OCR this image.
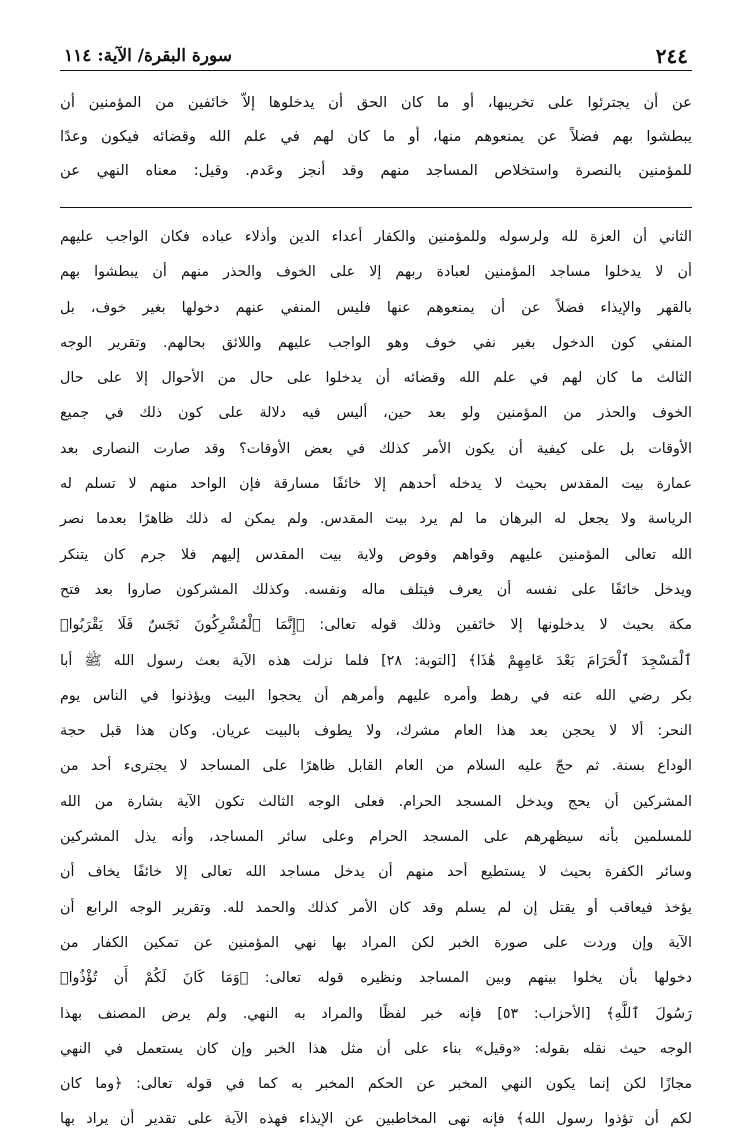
٢٤٤
سورة البقرة/ الآية: ١١٤
عن أن يجترئوا على تخريبها، أو ما كان الحق أن يدخلوها إلاّ خائفين من المؤمنين أن
يبطشوا بهم فضلاً عن يمنعوهم منها، أو ما كان لهم في علم الله وقضائه فيكون وعدًا
للمؤمنين بالنصرة واستخلاص المساجد منهم وقد أنجز وعَدم. وقيل: معناه النهي عن
الثاني أن العزة لله ولرسوله وللمؤمنين والكفار أعداء الدين وأذلاء عباده فكان الواجب عليهم
أن لا يدخلوا مساجد المؤمنين لعبادة ربهم إلا على الخوف والحذر منهم أن يبطشوا بهم
بالقهر والإيذاء فضلاً عن أن يمنعوهم عنها فليس المنفي عنهم دخولها بغير خوف، بل
المنفي كون الدخول بغير نفي خوف وهو الواجب عليهم واللائق بحالهم. وتقرير الوجه
الثالث ما كان لهم في علم الله وقضائه أن يدخلوا على حال من الأحوال إلا على حال
الخوف والحذر من المؤمنين ولو بعد حين، أليس فيه دلالة على كون ذلك في جميع
الأوقات بل على كيفية أن يكون الأمر كذلك في بعض الأوقات؟ وقد صارت النصارى بعد
عمارة بيت المقدس بحيث لا يدخله أحدهم إلا خائفًا مسارقة فإن الواحد منهم لا تسلم له
الرياسة ولا يجعل له البرهان ما لم يرد بيت المقدس. ولم يمكن له ذلك ظاهرًا بعدما نصر
الله تعالى المؤمنين عليهم وقواهم وفوض ولاية بيت المقدس إليهم فلا جرم كان يتنكر
ويدخل خائفًا على نفسه أن يعرف فيتلف ماله ونفسه. وكذلك المشركون صاروا بعد فتح
مكة بحيث لا يدخلونها إلا خائفين وذلك قوله تعالى: ﴿إِنَّمَا ٱلْمُشْرِكُونَ نَجَسٌ فَلَا يَقْرَبُوا۟
ٱلْمَسْجِدَ ٱلْحَرَامَ بَعْدَ عَامِهِمْ هَٰذَا﴾ [التوبة: ٢٨] فلما نزلت هذه الآية بعث رسول الله ﷺ أبا
بكر رضي الله عنه في رهط وأمره عليهم وأمرهم أن يحجوا البيت ويؤذنوا في الناس يوم
النحر: ألا لا يحجن بعد هذا العام مشرك، ولا يطوف بالبيت عريان. وكان هذا قبل حجة
الوداع بسنة. ثم حجّ عليه السلام من العام القابل ظاهرًا على المساجد لا يجترىء أحد من
المشركين أن يحج ويدخل المسجد الحرام. فعلى الوجه الثالث تكون الآية بشارة من الله
للمسلمين بأنه سيظهرهم على المسجد الحرام وعلى سائر المساجد، وأنه يذل المشركين
وسائر الكفرة بحيث لا يستطيع أحد منهم أن يدخل مساجد الله تعالى إلا خائفًا يخاف أن
يؤخذ فيعاقب أو يقتل إن لم يسلم وقد كان الأمر كذلك والحمد لله. وتقرير الوجه الرابع أن
الآية وإن وردت على صورة الخبر لكن المراد بها نهي المؤمنين عن تمكين الكفار من
دخولها بأن يخلوا بينهم وبين المساجد ونظيره قوله تعالى: ﴿وَمَا كَانَ لَكُمْ أَن تُؤْذُوا۟
رَسُولَ ٱللَّهِ﴾ [الأحزاب: ٥٣] فإنه خبر لفظًا والمراد به النهي. ولم يرض المصنف بهذا
الوجه حيث نقله بقوله: «وقيل» بناء على أن مثل هذا الخبر وإن كان يستعمل في النهي
مجازًا لكن إنما يكون النهي المخبر عن الحكم المخبر به كما في قوله تعالى: ﴿وما كان
لكم أن تؤذوا رسول الله﴾ فإنه نهى المخاطبين عن الإيذاء فهذه الآية على تقدير أن يراد بها
